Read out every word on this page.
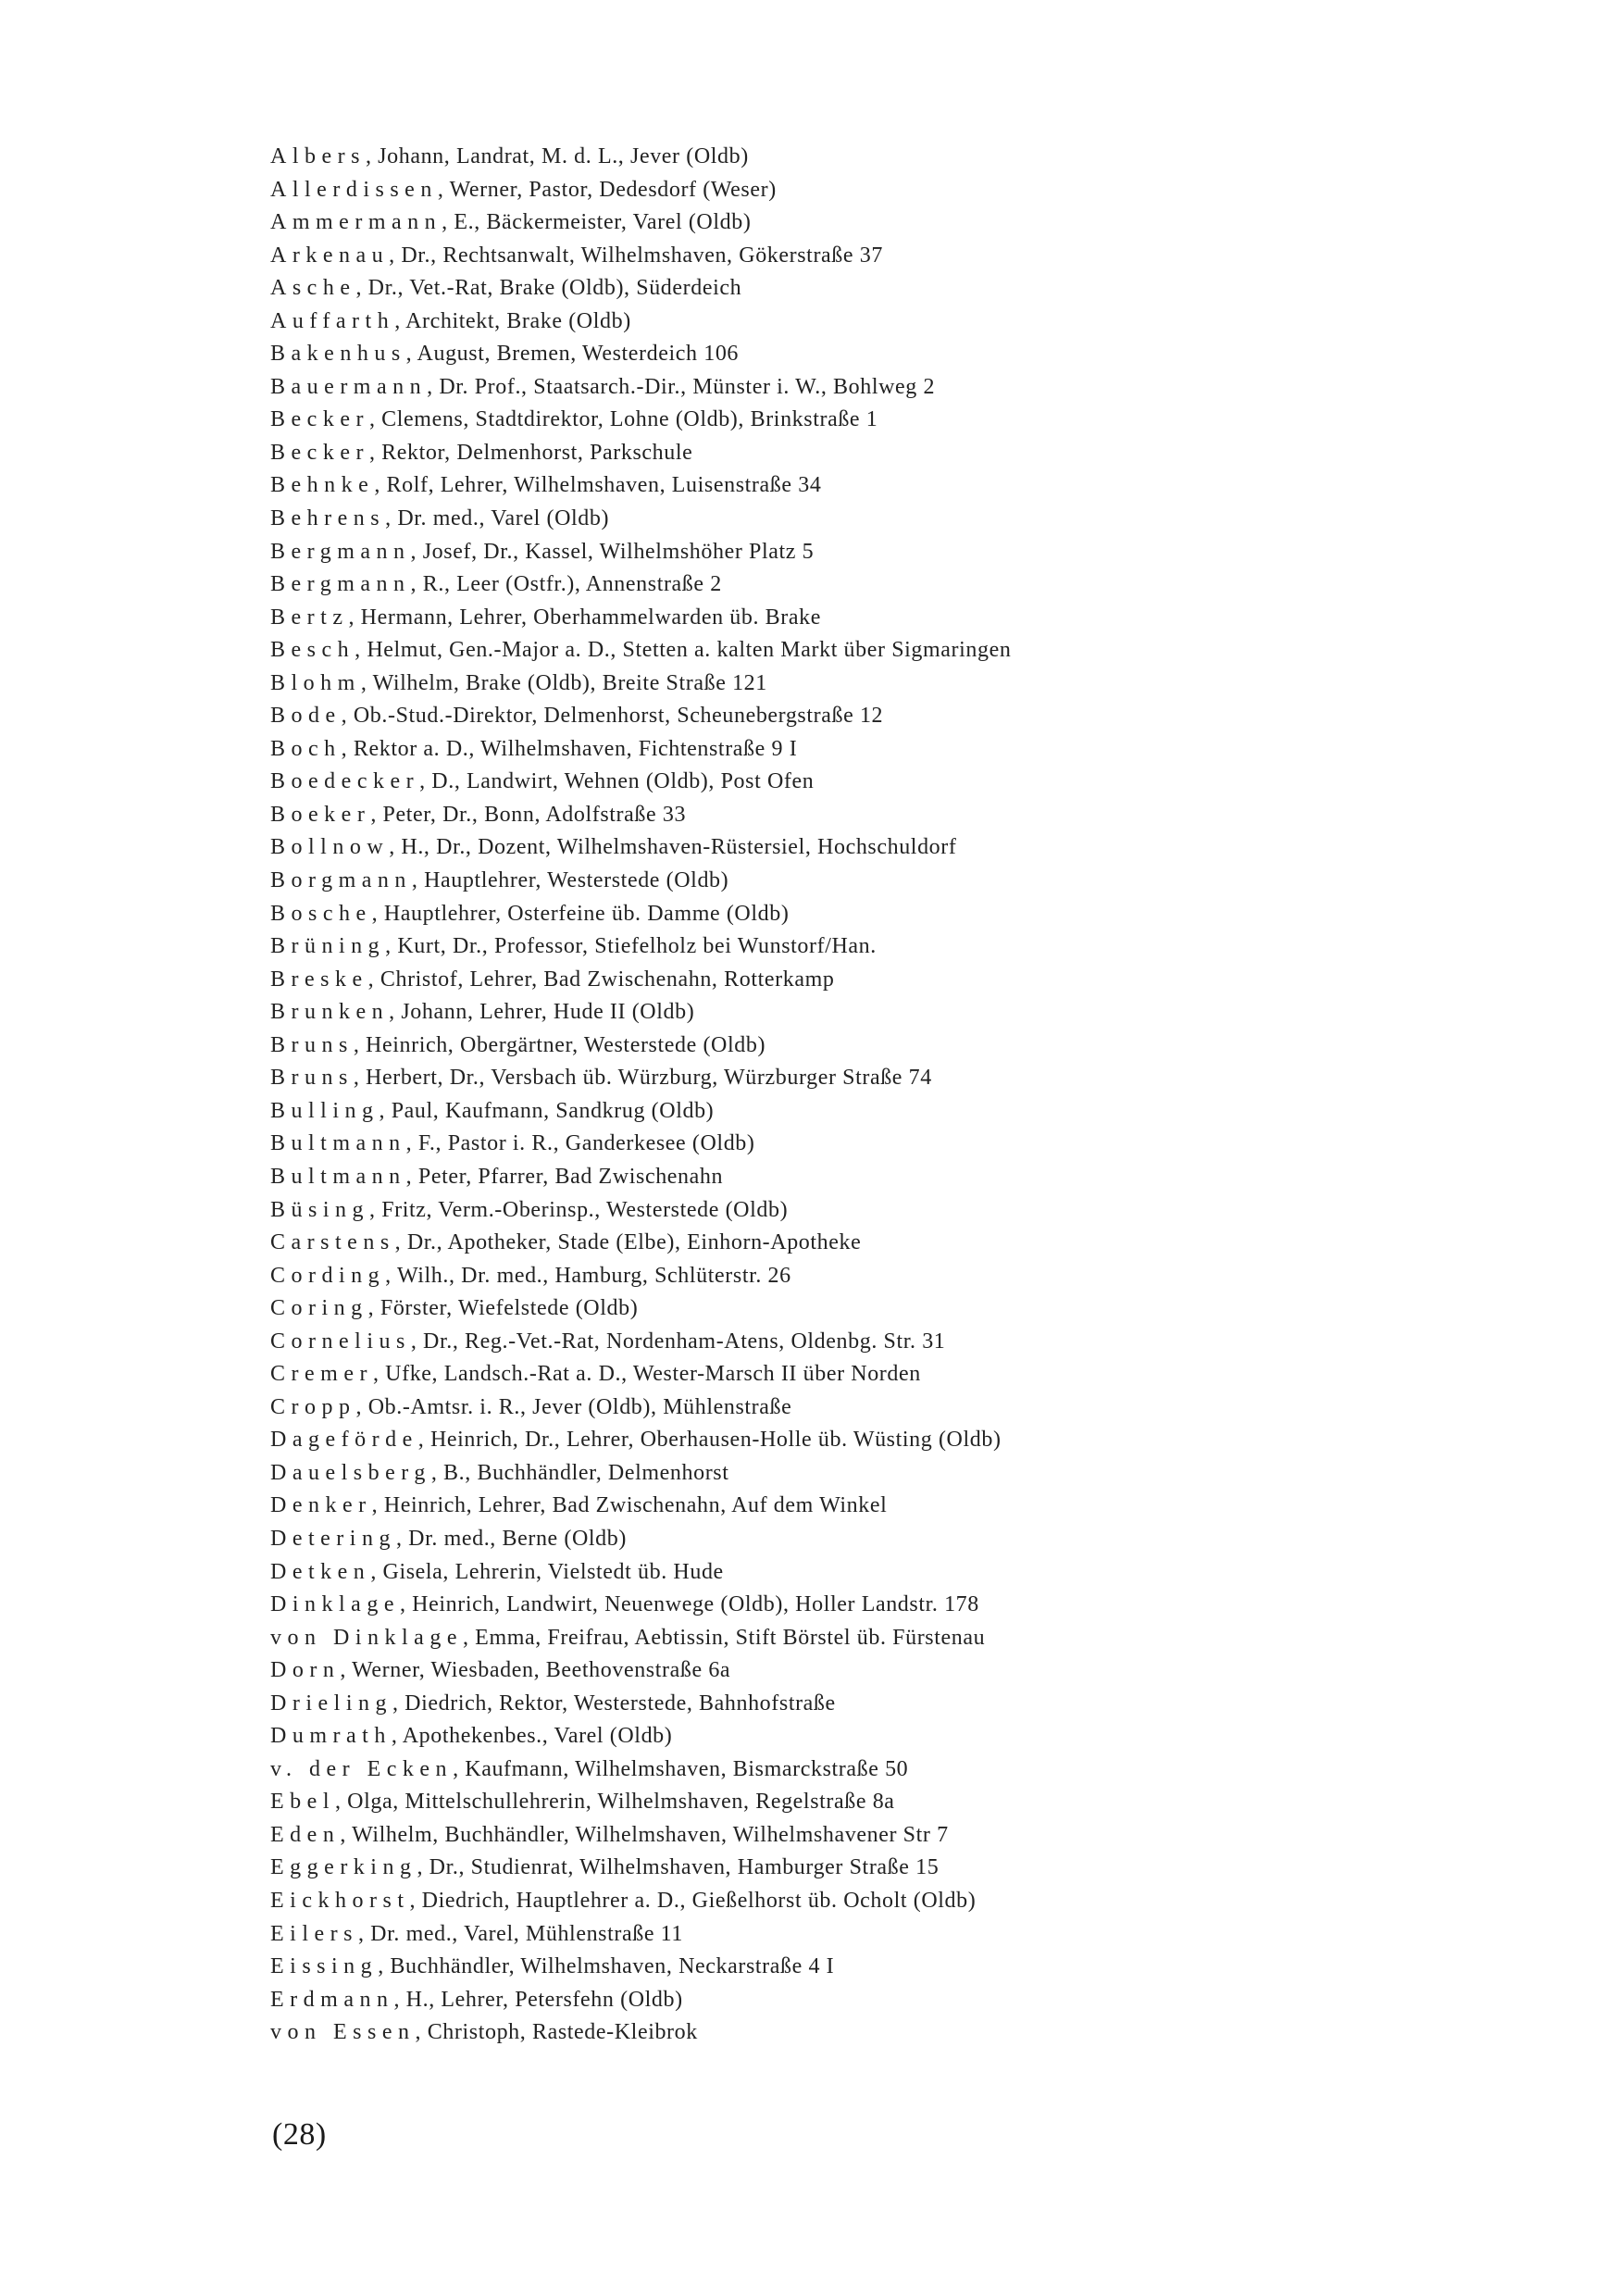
Albers, Johann, Landrat, M. d. L., Jever (Oldb)
Allerdissen, Werner, Pastor, Dedesdorf (Weser)
Ammermann, E., Bäckermeister, Varel (Oldb)
Arkenau, Dr., Rechtsanwalt, Wilhelmshaven, Gökerstraße 37
Asche, Dr., Vet.-Rat, Brake (Oldb), Süderdeich
Auffarth, Architekt, Brake (Oldb)
Bakenhus, August, Bremen, Westerdeich 106
Bauermann, Dr. Prof., Staatsarch.-Dir., Münster i. W., Bohlweg 2
Becker, Clemens, Stadtdirektor, Lohne (Oldb), Brinkstraße 1
Becker, Rektor, Delmenhorst, Parkschule
Behnke, Rolf, Lehrer, Wilhelmshaven, Luisenstraße 34
Behrens, Dr. med., Varel (Oldb)
Bergmann, Josef, Dr., Kassel, Wilhelmshöher Platz 5
Bergmann, R., Leer (Ostfr.), Annenstraße 2
Bertz, Hermann, Lehrer, Oberhammelwarden üb. Brake
Besch, Helmut, Gen.-Major a. D., Stetten a. kalten Markt über Sigmaringen
Blohm, Wilhelm, Brake (Oldb), Breite Straße 121
Bode, Ob.-Stud.-Direktor, Delmenhorst, Scheunebergstraße 12
Boch, Rektor a. D., Wilhelmshaven, Fichtenstraße 9 I
Boedecker, D., Landwirt, Wehnen (Oldb), Post Ofen
Boeker, Peter, Dr., Bonn, Adolfstraße 33
Bollnow, H., Dr., Dozent, Wilhelmshaven-Rüstersiel, Hochschuldorf
Borgmann, Hauptlehrer, Westerstede (Oldb)
Bosche, Hauptlehrer, Osterfeine üb. Damme (Oldb)
Brüning, Kurt, Dr., Professor, Stiefelholz bei Wunstorf/Han.
Breske, Christof, Lehrer, Bad Zwischenahn, Rotterkamp
Brunken, Johann, Lehrer, Hude II (Oldb)
Bruns, Heinrich, Obergärtner, Westerstede (Oldb)
Bruns, Herbert, Dr., Versbach üb. Würzburg, Würzburger Straße 74
Bulling, Paul, Kaufmann, Sandkrug (Oldb)
Bultmann, F., Pastor i. R., Ganderkesee (Oldb)
Bultmann, Peter, Pfarrer, Bad Zwischenahn
Büsing, Fritz, Verm.-Oberinsp., Westerstede (Oldb)
Carstens, Dr., Apotheker, Stade (Elbe), Einhorn-Apotheke
Cording, Wilh., Dr. med., Hamburg, Schlüterstr. 26
Coring, Förster, Wiefelstede (Oldb)
Cornelius, Dr., Reg.-Vet.-Rat, Nordenham-Atens, Oldenbg. Str. 31
Cremer, Ufke, Landsch.-Rat a. D., Wester-Marsch II über Norden
Cropp, Ob.-Amtsr. i. R., Jever (Oldb), Mühlenstraße
Dageförde, Heinrich, Dr., Lehrer, Oberhausen-Holle üb. Wüsting (Oldb)
Dauelsberg, B., Buchhändler, Delmenhorst
Denker, Heinrich, Lehrer, Bad Zwischenahn, Auf dem Winkel
Detering, Dr. med., Berne (Oldb)
Detken, Gisela, Lehrerin, Vielstedt üb. Hude
Dinklage, Heinrich, Landwirt, Neuenwege (Oldb), Holler Landstr. 178
von Dinklage, Emma, Freifrau, Aebtissin, Stift Börstel üb. Fürstenau
Dorn, Werner, Wiesbaden, Beethovenstraße 6a
Drieling, Diedrich, Rektor, Westerstede, Bahnhofstraße
Dumrath, Apothekenbes., Varel (Oldb)
v. der Ecken, Kaufmann, Wilhelmshaven, Bismarckstraße 50
Ebel, Olga, Mittelschullehrerin, Wilhelmshaven, Regelstraße 8a
Eden, Wilhelm, Buchhändler, Wilhelmshaven, Wilhelmshavener Str 7
Eggerking, Dr., Studienrat, Wilhelmshaven, Hamburger Straße 15
Eickhorst, Diedrich, Hauptlehrer a. D., Gießelhorst üb. Ocholt (Oldb)
Eilers, Dr. med., Varel, Mühlenstraße 11
Eissing, Buchhändler, Wilhelmshaven, Neckarstraße 4 I
Erdmann, H., Lehrer, Petersfehn (Oldb)
von Essen, Christoph, Rastede-Kleibrok
(28)
